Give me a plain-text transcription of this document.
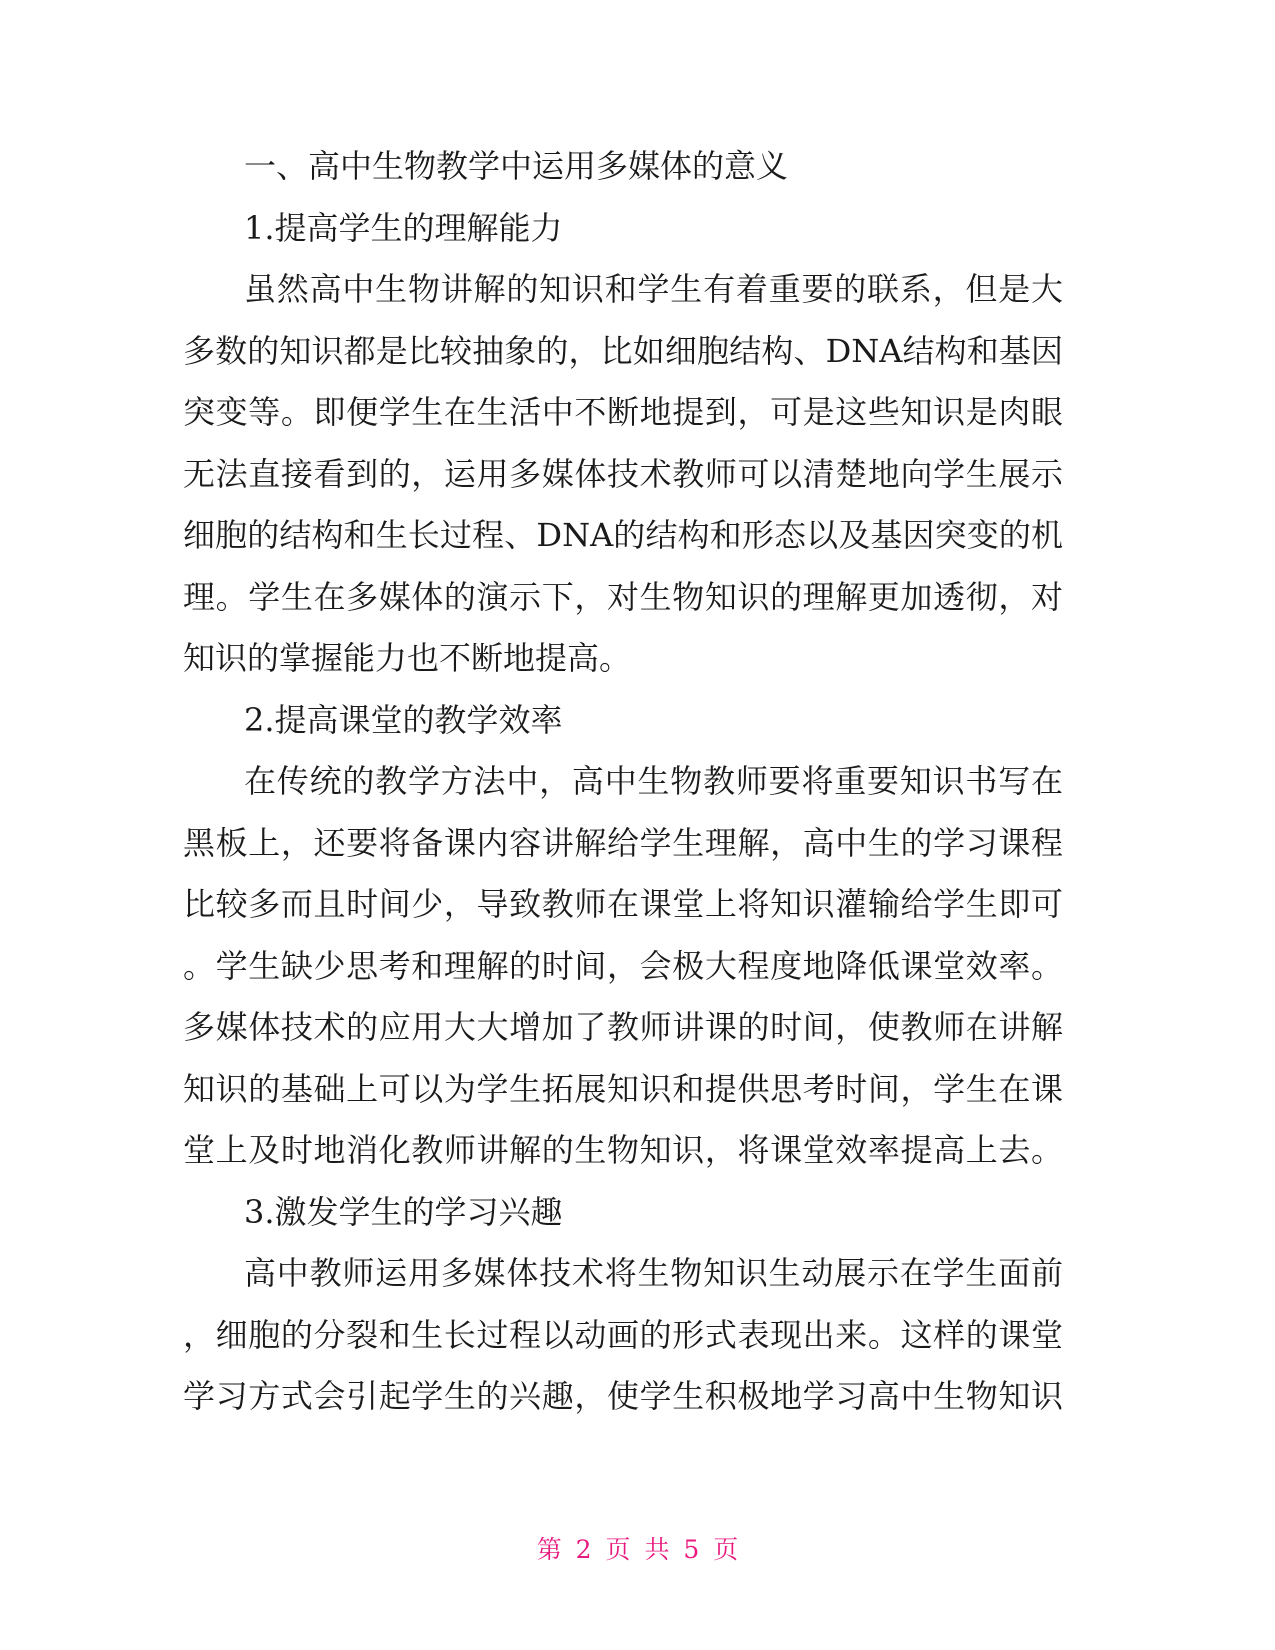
一、高中生物教学中运用多媒体的意义
1.提高学生的理解能力
虽然高中生物讲解的知识和学生有着重要的联系，但是大
多数的知识都是比较抽象的，比如细胞结构、DNA结构和基因
突变等。即便学生在生活中不断地提到，可是这些知识是肉眼
无法直接看到的，运用多媒体技术教师可以清楚地向学生展示
细胞的结构和生长过程、DNA的结构和形态以及基因突变的机
理。学生在多媒体的演示下，对生物知识的理解更加透彻，对
知识的掌握能力也不断地提高。
2.提高课堂的教学效率
在传统的教学方法中，高中生物教师要将重要知识书写在
黑板上，还要将备课内容讲解给学生理解，高中生的学习课程
比较多而且时间少，导致教师在课堂上将知识灌输给学生即可
。学生缺少思考和理解的时间，会极大程度地降低课堂效率。
多媒体技术的应用大大增加了教师讲课的时间，使教师在讲解
知识的基础上可以为学生拓展知识和提供思考时间，学生在课
堂上及时地消化教师讲解的生物知识，将课堂效率提高上去。
3.激发学生的学习兴趣
高中教师运用多媒体技术将生物知识生动展示在学生面前
，细胞的分裂和生长过程以动画的形式表现出来。这样的课堂
学习方式会引起学生的兴趣，使学生积极地学习高中生物知识
第 2 页 共 5 页
